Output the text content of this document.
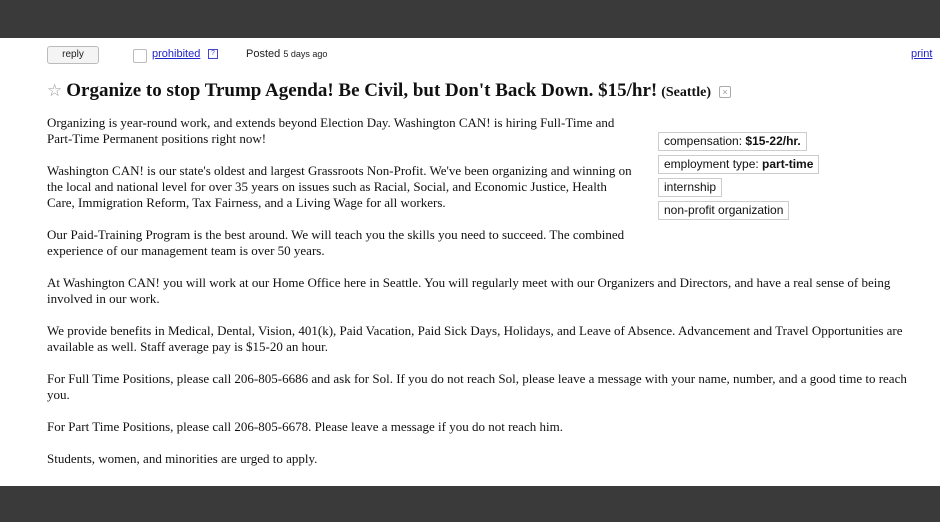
reply	prohibited	?	Posted 5 days ago	print
☆ Organize to stop Trump Agenda! Be Civil, but Don't Back Down. $15/hr! (Seattle) ×

Organizing is year-round work, and extends beyond Election Day. Washington CAN! is hiring Full-Time and Part-Time Permanent positions right now!

Washington CAN! is our state's oldest and largest Grassroots Non-Profit. We've been organizing and winning on the local and national level for over 35 years on issues such as Racial, Social, and Economic Justice, Health Care, Immigration Reform, Tax Fairness, and a Living Wage for all workers.

Our Paid-Training Program is the best around. We will teach you the skills you need to succeed. The combined experience of our management team is over 50 years.

At Washington CAN! you will work at our Home Office here in Seattle. You will regularly meet with our Organizers and Directors, and have a real sense of being involved in our work.

We provide benefits in Medical, Dental, Vision, 401(k), Paid Vacation, Paid Sick Days, Holidays, and Leave of Absence. Advancement and Travel Opportunities are available as well. Staff average pay is $15-20 an hour.

For Full Time Positions, please call 206-805-6686 and ask for Sol. If you do not reach Sol, please leave a message with your name, number, and a good time to reach you.

For Part Time Positions, please call 206-805-6678. Please leave a message if you do not reach him.

Students, women, and minorities are urged to apply.

compensation: $15-22/hr.
employment type: part-time
internship
non-profit organization
